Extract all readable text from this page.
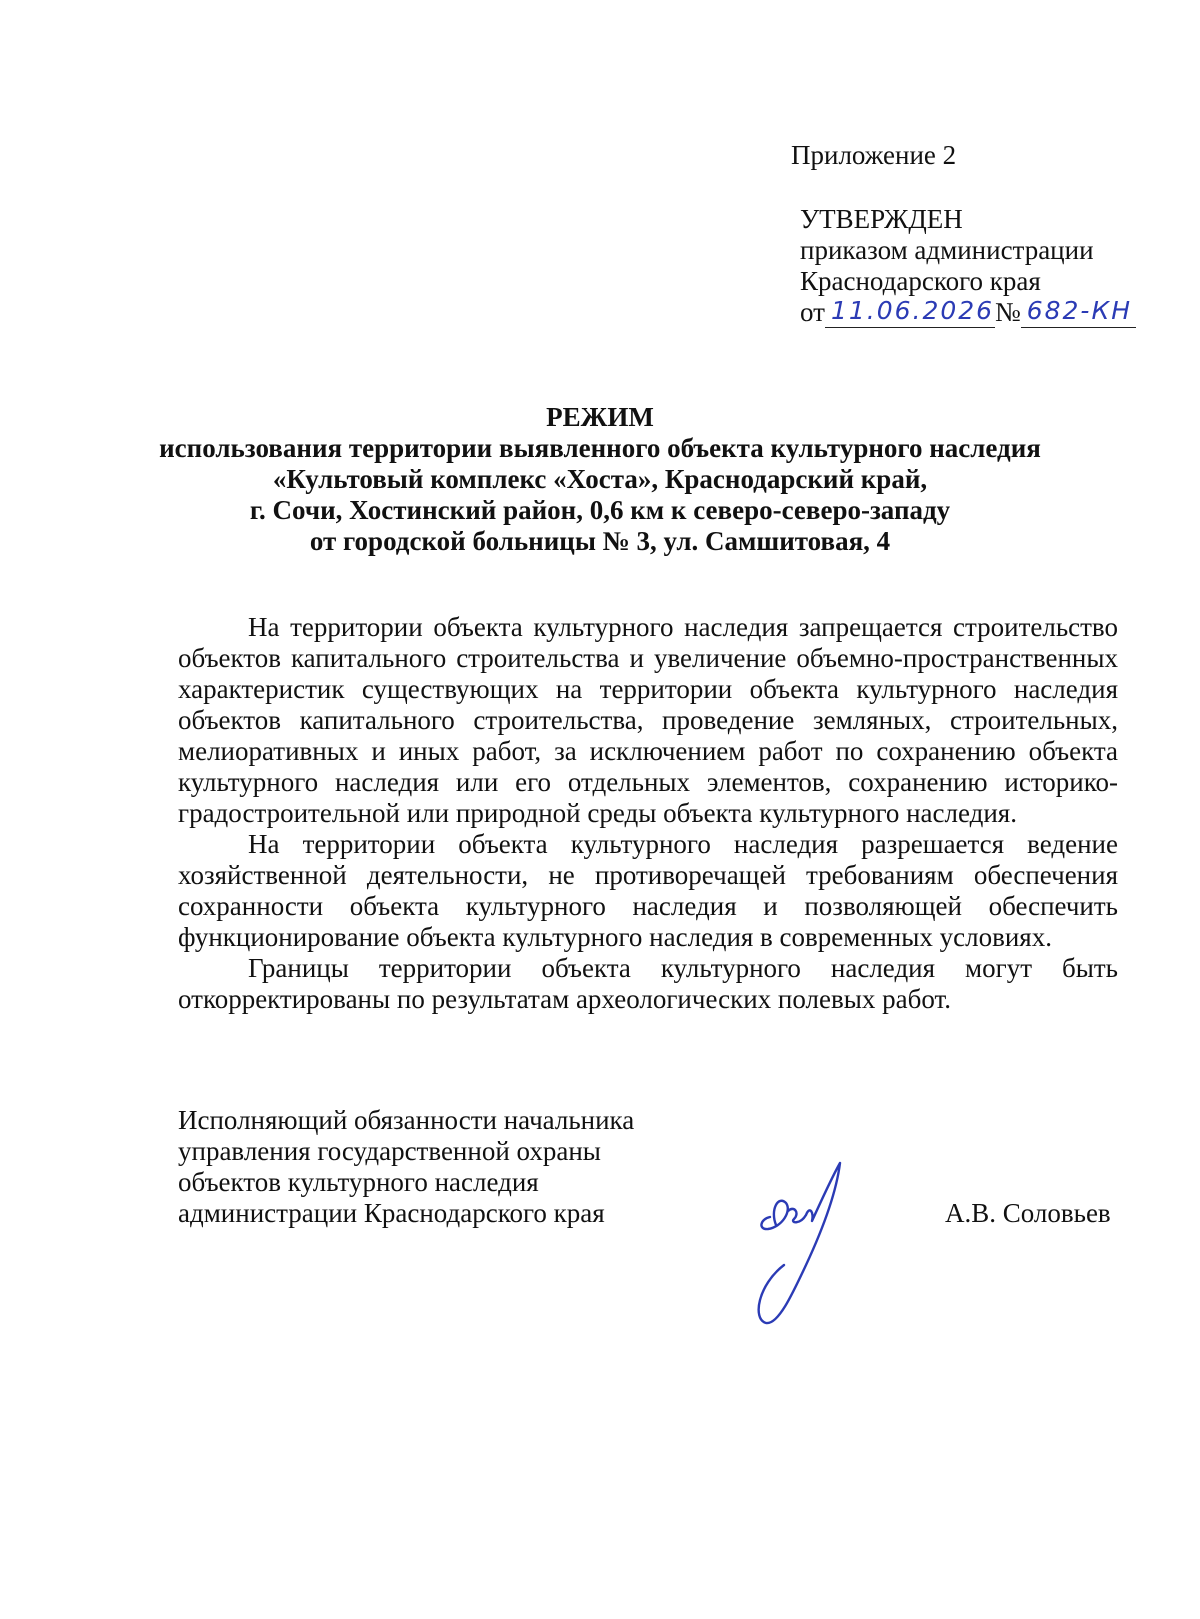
Приложение 2
УТВЕРЖДЕН
приказом администрации
Краснодарского края
от 11.06.2026 № 682-КН
РЕЖИМ
использования территории выявленного объекта культурного наследия
«Культовый комплекс «Хоста», Краснодарский край,
г. Сочи, Хостинский район, 0,6 км к северо-северо-западу
от городской больницы № 3, ул. Самшитовая, 4

На территории объекта культурного наследия запрещается строительство объектов капитального строительства и увеличение объемно-пространственных характеристик существующих на территории объекта культурного наследия объектов капитального строительства, проведение земляных, строительных, мелиоративных и иных работ, за исключением работ по сохранению объекта культурного наследия или его отдельных элементов, сохранению историко-градостроительной или природной среды объекта культурного наследия.

На территории объекта культурного наследия разрешается ведение хозяйственной деятельности, не противоречащей требованиям обеспечения сохранности объекта культурного наследия и позволяющей обеспечить функционирование объекта культурного наследия в современных условиях.

Границы территории объекта культурного наследия могут быть откорректированы по результатам археологических полевых работ.

Исполняющий обязанности начальника
управления государственной охраны
объектов культурного наследия
администрации Краснодарского края	А.В. Соловьев
